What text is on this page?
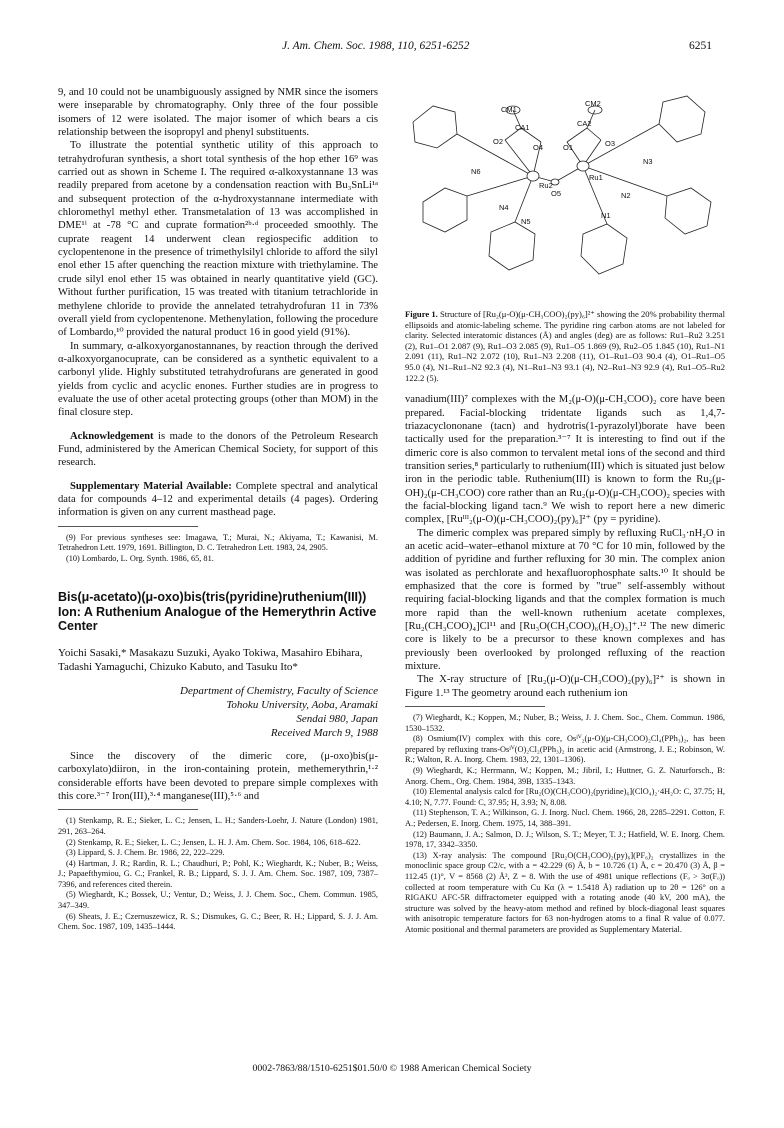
J. Am. Chem. Soc. 1988, 110, 6251-6252	6251

9, and 10 could not be unambiguously assigned by NMR since the isomers were inseparable by chromatography. Only three of the four possible isomers of 12 were isolated. The major isomer of which bears a cis relationship between the isopropyl and phenyl substituents.

To illustrate the potential synthetic utility of this approach to tetrahydrofuran synthesis, a short total synthesis of the hop ether 16⁹ was carried out as shown in Scheme I. The required α-alkoxystannane 13 was readily prepared from acetone by a condensation reaction with Bu₃SnLi¹ᵃ and subsequent protection of the α-hydroxystannane intermediate with chloromethyl methyl ether. Transmetalation of 13 was accomplished in DME¹ⁱ at -78 °C and cuprate formation²ᵇ·ᵈ proceeded smoothly. The cuprate reagent 14 underwent clean regiospecific addition to cyclopentenone in the presence of trimethylsilyl chloride to afford the silyl enol ether 15 after quenching the reaction mixture with triethylamine. The crude silyl enol ether 15 was obtained in nearly quantitative yield (GC). Without further purification, 15 was treated with titanium tetrachloride in methylene chloride to provide the annelated tetrahydrofuran 11 in 73% overall yield from cyclopentenone. Methenylation, following the procedure of Lombardo,¹⁰ provided the natural product 16 in good yield (91%).

In summary, α-alkoxyorganostannanes, by reaction through the derived α-alkoxyorganocuprate, can be considered as a synthetic equivalent to a carbonyl ylide. Highly substituted tetrahydrofurans are generated in good yields from cyclic and acyclic enones. Further studies are in progress to evaluate the use of other acetal protecting groups (other than MOM) in the final closure step.

Acknowledgement is made to the donors of the Petroleum Research Fund, administered by the American Chemical Society, for support of this research.

Supplementary Material Available: Complete spectral and analytical data for compounds 4–12 and experimental details (4 pages). Ordering information is given on any current masthead page.

(9) For previous syntheses see: Imagawa, T.; Murai, N.; Akiyama, T.; Kawanisi, M. Tetrahedron Lett. 1979, 1691. Billington, D. C. Tetrahedron Lett. 1983, 24, 2905.

(10) Lombardo, L. Org. Synth. 1986, 65, 81.

Bis(μ-acetato)(μ-oxo)bis(tris(pyridine)ruthenium(III)) Ion: A Ruthenium Analogue of the Hemerythrin Active Center
Yoichi Sasaki,* Masakazu Suzuki, Ayako Tokiwa, Masahiro Ebihara, Tadashi Yamaguchi, Chizuko Kabuto, and Tasuku Ito*
Department of Chemistry, Faculty of Science
Tohoku University, Aoba, Aramaki
Sendai 980, Japan
Received March 9, 1988

Since the discovery of the dimeric core, (μ-oxo)bis(μ-carboxylato)diiron, in the iron-containing protein, methemerythrin,¹·² considerable efforts have been devoted to prepare simple complexes with this core.³⁻⁷ Iron(III),³·⁴ manganese(III),⁵·⁶ and

(1) Stenkamp, R. E.; Sieker, L. C.; Jensen, L. H.; Sanders-Loehr, J. Nature (London) 1981, 291, 263–264.

(2) Stenkamp, R. E.; Sieker, L. C.; Jensen, L. H. J. Am. Chem. Soc. 1984, 106, 618–622.

(3) Lippard, S. J. Chem. Br. 1986, 22, 222–229.

(4) Hartman, J. R.; Rardin, R. L.; Chaudhuri, P.; Pohl, K.; Wieghardt, K.; Nuber, B.; Weiss, J.; Papaefthymiou, G. C.; Frankel, R. B.; Lippard, S. J. J. Am. Chem. Soc. 1987, 109, 7387–7396, and references cited therein.

(5) Wieghardt, K.; Bossek, U.; Ventur, D.; Weiss, J. J. Chem. Soc., Chem. Commun. 1985, 347–349.

(6) Sheats, J. E.; Czernuszewicz, R. S.; Dismukes, G. C.; Beer, R. H.; Lippard, S. J. J. Am. Chem. Soc. 1987, 109, 1435–1444.

CM1
CM2
CA1	CA2
O2	O3
O4	O1
N6
N3
Ru2
Ru1
O5
N4
N2
N5
N1
Figure 1. Structure of [Ru₂(μ-O)(μ-CH₃COO)₂(py)₆]²⁺ showing the 20% probability thermal ellipsoids and atomic-labeling scheme. The pyridine ring carbon atoms are not labeled for clarity. Selected interatomic distances (Å) and angles (deg) are as follows: Ru1–Ru2 3.251 (2), Ru1–O1 2.087 (9), Ru1–O3 2.085 (9), Ru1–O5 1.869 (9), Ru2–O5 1.845 (10), Ru1–N1 2.091 (11), Ru1–N2 2.072 (10), Ru1–N3 2.208 (11), O1–Ru1–O3 90.4 (4), O1–Ru1–O5 95.0 (4), N1–Ru1–N2 92.3 (4), N1–Ru1–N3 93.1 (4), N2–Ru1–N3 92.9 (4), Ru1–O5–Ru2 122.2 (5).

vanadium(III)⁷ complexes with the M₂(μ-O)(μ-CH₃COO)₂ core have been prepared. Facial-blocking tridentate ligands such as 1,4,7-triazacyclononane (tacn) and hydrotris(1-pyrazolyl)borate have been tactically used for the preparation.³⁻⁷ It is interesting to find out if the dimeric core is also common to tervalent metal ions of the second and third transition series,⁸ particularly to ruthenium(III) which is situated just below iron in the periodic table. Ruthenium(III) is known to form the Ru₂(μ-OH)₂(μ-CH₃COO) core rather than an Ru₂(μ-O)(μ-CH₃COO)₂ species with the facial-blocking ligand tacn.⁹ We wish to report here a new dimeric complex, [Ruᴵᴵᴵ₂(μ-O)(μ-CH₃COO)₂(py)₆]²⁺ (py = pyridine).

The dimeric complex was prepared simply by refluxing RuCl₃·nH₂O in an acetic acid–water–ethanol mixture at 70 °C for 10 min, followed by the addition of pyridine and further refluxing for 30 min. The complex anion was isolated as perchlorate and hexafluorophosphate salts.¹⁰ It should be emphasized that the core is formed by "true" self-assembly without requiring facial-blocking ligands and that the complex formation is much more rapid than the well-known ruthenium acetate complexes, [Ru₂(CH₃COO)₄]Cl¹¹ and [Ru₃O(CH₃COO)₆(H₂O)₃]⁺.¹² The new dimeric core is likely to be a precursor to these known complexes and has previously been overlooked by prolonged refluxing of the reaction mixture.

The X-ray structure of [Ru₂(μ-O)(μ-CH₃COO)₂(py)₆]²⁺ is shown in Figure 1.¹³ The geometry around each ruthenium ion

(7) Wieghardt, K.; Koppen, M.; Nuber, B.; Weiss, J. J. Chem. Soc., Chem. Commun. 1986, 1530–1532.

(8) Osmium(IV) complex with this core, Osᴵⱽ₂(μ-O)(μ-CH₃COO)₂Cl₄(PPh₃)₂, has been prepared by refluxing trans-Osᴵⱽ(O)₂Cl₂(PPh₃)₂ in acetic acid (Armstrong, J. E.; Robinson, W. R.; Walton, R. A. Inorg. Chem. 1983, 22, 1301–1306).

(9) Wieghardt, K.; Herrmann, W.; Koppen, M.; Jibril, I.; Huttner, G. Z. Naturforsch., B: Anorg. Chem., Org. Chem. 1984, 39B, 1335–1343.

(10) Elemental analysis calcd for [Ru₂(O)(CH₃COO)₂(pyridine)₆](ClO₄)₂·4H₂O: C, 37.75; H, 4.10; N, 7.77. Found: C, 37.95; H, 3.93; N, 8.08.

(11) Stephenson, T. A.; Wilkinson, G. J. Inorg. Nucl. Chem. 1966, 28, 2285–2291. Cotton, F. A.; Pedersen, E. Inorg. Chem. 1975, 14, 388–391.

(12) Baumann, J. A.; Salmon, D. J.; Wilson, S. T.; Meyer, T. J.; Hatfield, W. E. Inorg. Chem. 1978, 17, 3342–3350.

(13) X-ray analysis: The compound [Ru₂O(CH₃COO)₂(py)₆](PF₆)₂ crystallizes in the monoclinic space group C2/c, with a = 42.229 (6) Å, b = 10.726 (1) Å, c = 20.470 (3) Å, β = 112.45 (1)°, V = 8568 (2) Å³, Z = 8. With the use of 4981 unique reflections (Fₒ > 3σ(Fₒ)) collected at room temperature with Cu Kα (λ = 1.5418 Å) radiation up to 2θ = 126° on a RIGAKU AFC-5R diffractometer equipped with a rotating anode (40 kV, 200 mA), the structure was solved by the heavy-atom method and refined by block-diagonal least squares with anisotropic temperature factors for 63 non-hydrogen atoms to a final R value of 0.077. Atomic positional and thermal parameters are provided as Supplementary Material.

0002-7863/88/1510-6251$01.50/0 © 1988 American Chemical Society
